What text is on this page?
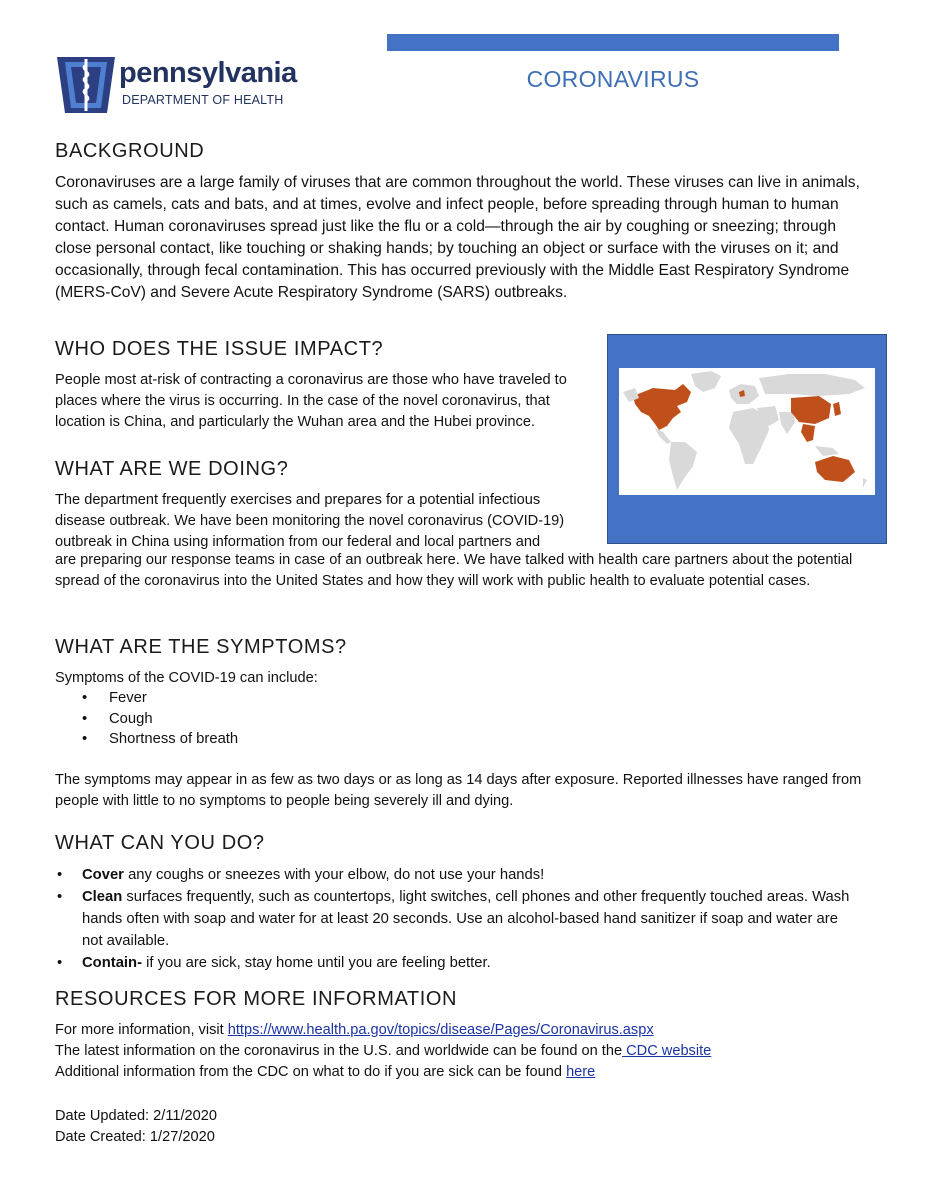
pennsylvania
DEPARTMENT OF HEALTH
CORONAVIRUS
BACKGROUND

Coronaviruses are a large family of viruses that are common throughout the world. These viruses can live in animals, such as camels, cats and bats, and at times, evolve and infect people, before spreading through human to human contact. Human coronaviruses spread just like the flu or a cold—through the air by coughing or sneezing; through close personal contact, like touching or shaking hands; by touching an object or surface with the viruses on it; and occasionally, through fecal contamination. This has occurred previously with the Middle East Respiratory Syndrome (MERS-CoV) and Severe Acute Respiratory Syndrome (SARS) outbreaks.

WHO DOES THE ISSUE IMPACT?

People most at-risk of contracting a coronavirus are those who have traveled to places where the virus is occurring. In the case of the novel coronavirus, that location is China, and particularly the Wuhan area and the Hubei province.

WHAT ARE WE DOING?

The department frequently exercises and prepares for a potential infectious disease outbreak. We have been monitoring the novel coronavirus (COVID-19) outbreak in China using information from our federal and local partners and

are preparing our response teams in case of an outbreak here. We have talked with health care partners about the potential spread of the coronavirus into the United States and how they will work with public health to evaluate potential cases.

WHAT ARE THE SYMPTOMS?

Symptoms of the COVID-19 can include:

• Fever
• Cough
• Shortness of breath

The symptoms may appear in as few as two days or as long as 14 days after exposure. Reported illnesses have ranged from people with little to no symptoms to people being severely ill and dying.

WHAT CAN YOU DO?
• Cover any coughs or sneezes with your elbow, do not use your hands!
• Clean surfaces frequently, such as countertops, light switches, cell phones and other frequently touched areas. Wash hands often with soap and water for at least 20 seconds. Use an alcohol-based hand sanitizer if soap and water are not available.
• Contain- if you are sick, stay home until you are feeling better.
RESOURCES FOR MORE INFORMATION

For more information, visit https://www.health.pa.gov/topics/disease/Pages/Coronavirus.aspx

The latest information on the coronavirus in the U.S. and worldwide can be found on the CDC website

Additional information from the CDC on what to do if you are sick can be found here

Date Updated: 2/11/2020

Date Created: 1/27/2020
